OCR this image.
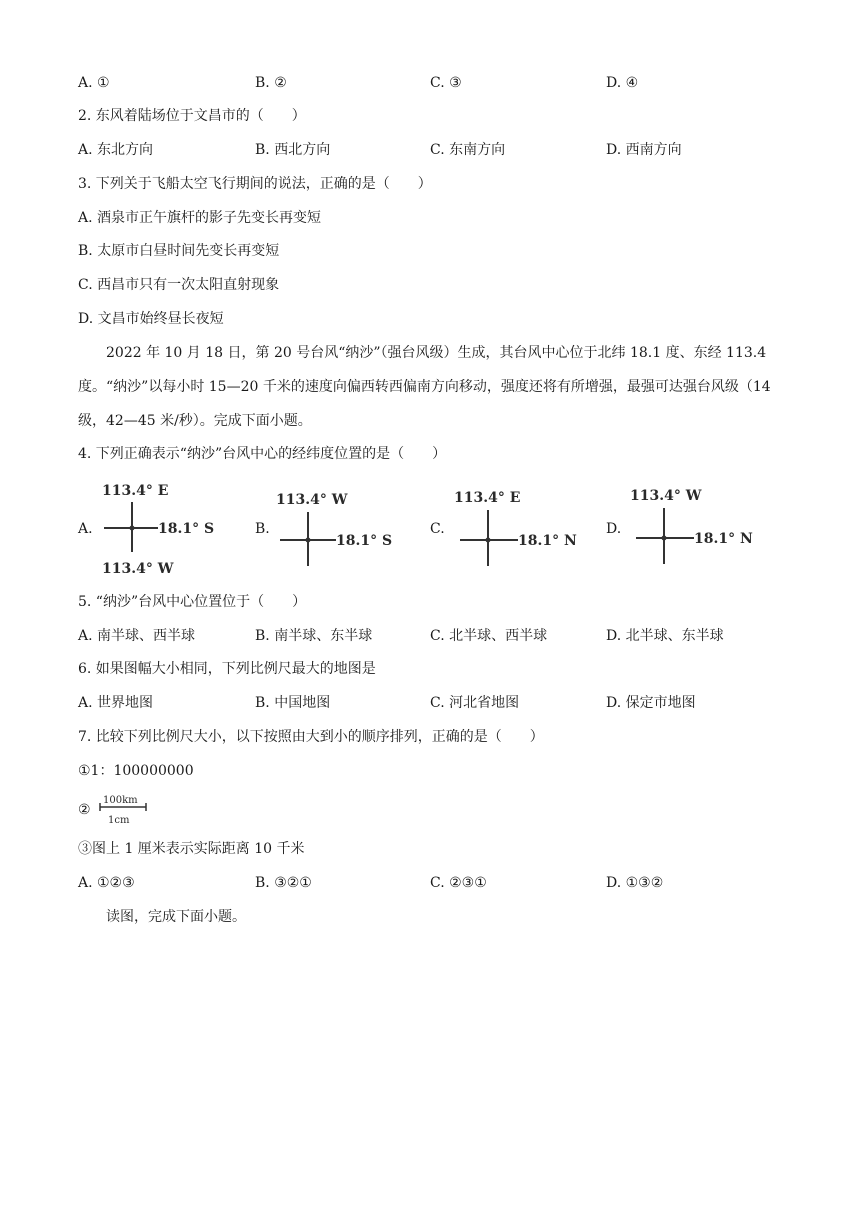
A. ①	B. ②	C. ③	D. ④
2. 东风着陆场位于文昌市的（　　）
A. 东北方向	B. 西北方向	C. 东南方向	D. 西南方向
3. 下列关于飞船太空飞行期间的说法，正确的是（　　）
A. 酒泉市正午旗杆的影子先变长再变短
B. 太原市白昼时间先变长再变短
C. 西昌市只有一次太阳直射现象
D. 文昌市始终昼长夜短
2022 年 10 月 18 日，第 20 号台风“纳沙”（强台风级）生成，其台风中心位于北纬 18.1 度、东经 113.4 度。“纳沙”以每小时 15—20 千米的速度向偏西转西偏南方向移动，强度还将有所增强，最强可达强台风级（14 级，42—45 米/秒）。完成下面小题。
4. 下列正确表示“纳沙”台风中心的经纬度位置的是（　　）
A.
113.4° E
18.1° S
113.4° W
B.
113.4° W
18.1° S
C.
113.4° E
18.1° N
D.
113.4° W
18.1° N
5. “纳沙”台风中心位置位于（　　）
A. 南半球、西半球	B. 南半球、东半球	C. 北半球、西半球	D. 北半球、东半球
6. 如果图幅大小相同，下列比例尺最大的地图是
A. 世界地图	B. 中国地图	C. 河北省地图	D. 保定市地图
7. 比较下列比例尺大小，以下按照由大到小的顺序排列，正确的是（　　）
①1：100000000
②
100km
1cm
③图上 1 厘米表示实际距离 10 千米
A. ①②③	B. ③②①	C. ②③①	D. ①③②
读图，完成下面小题。
